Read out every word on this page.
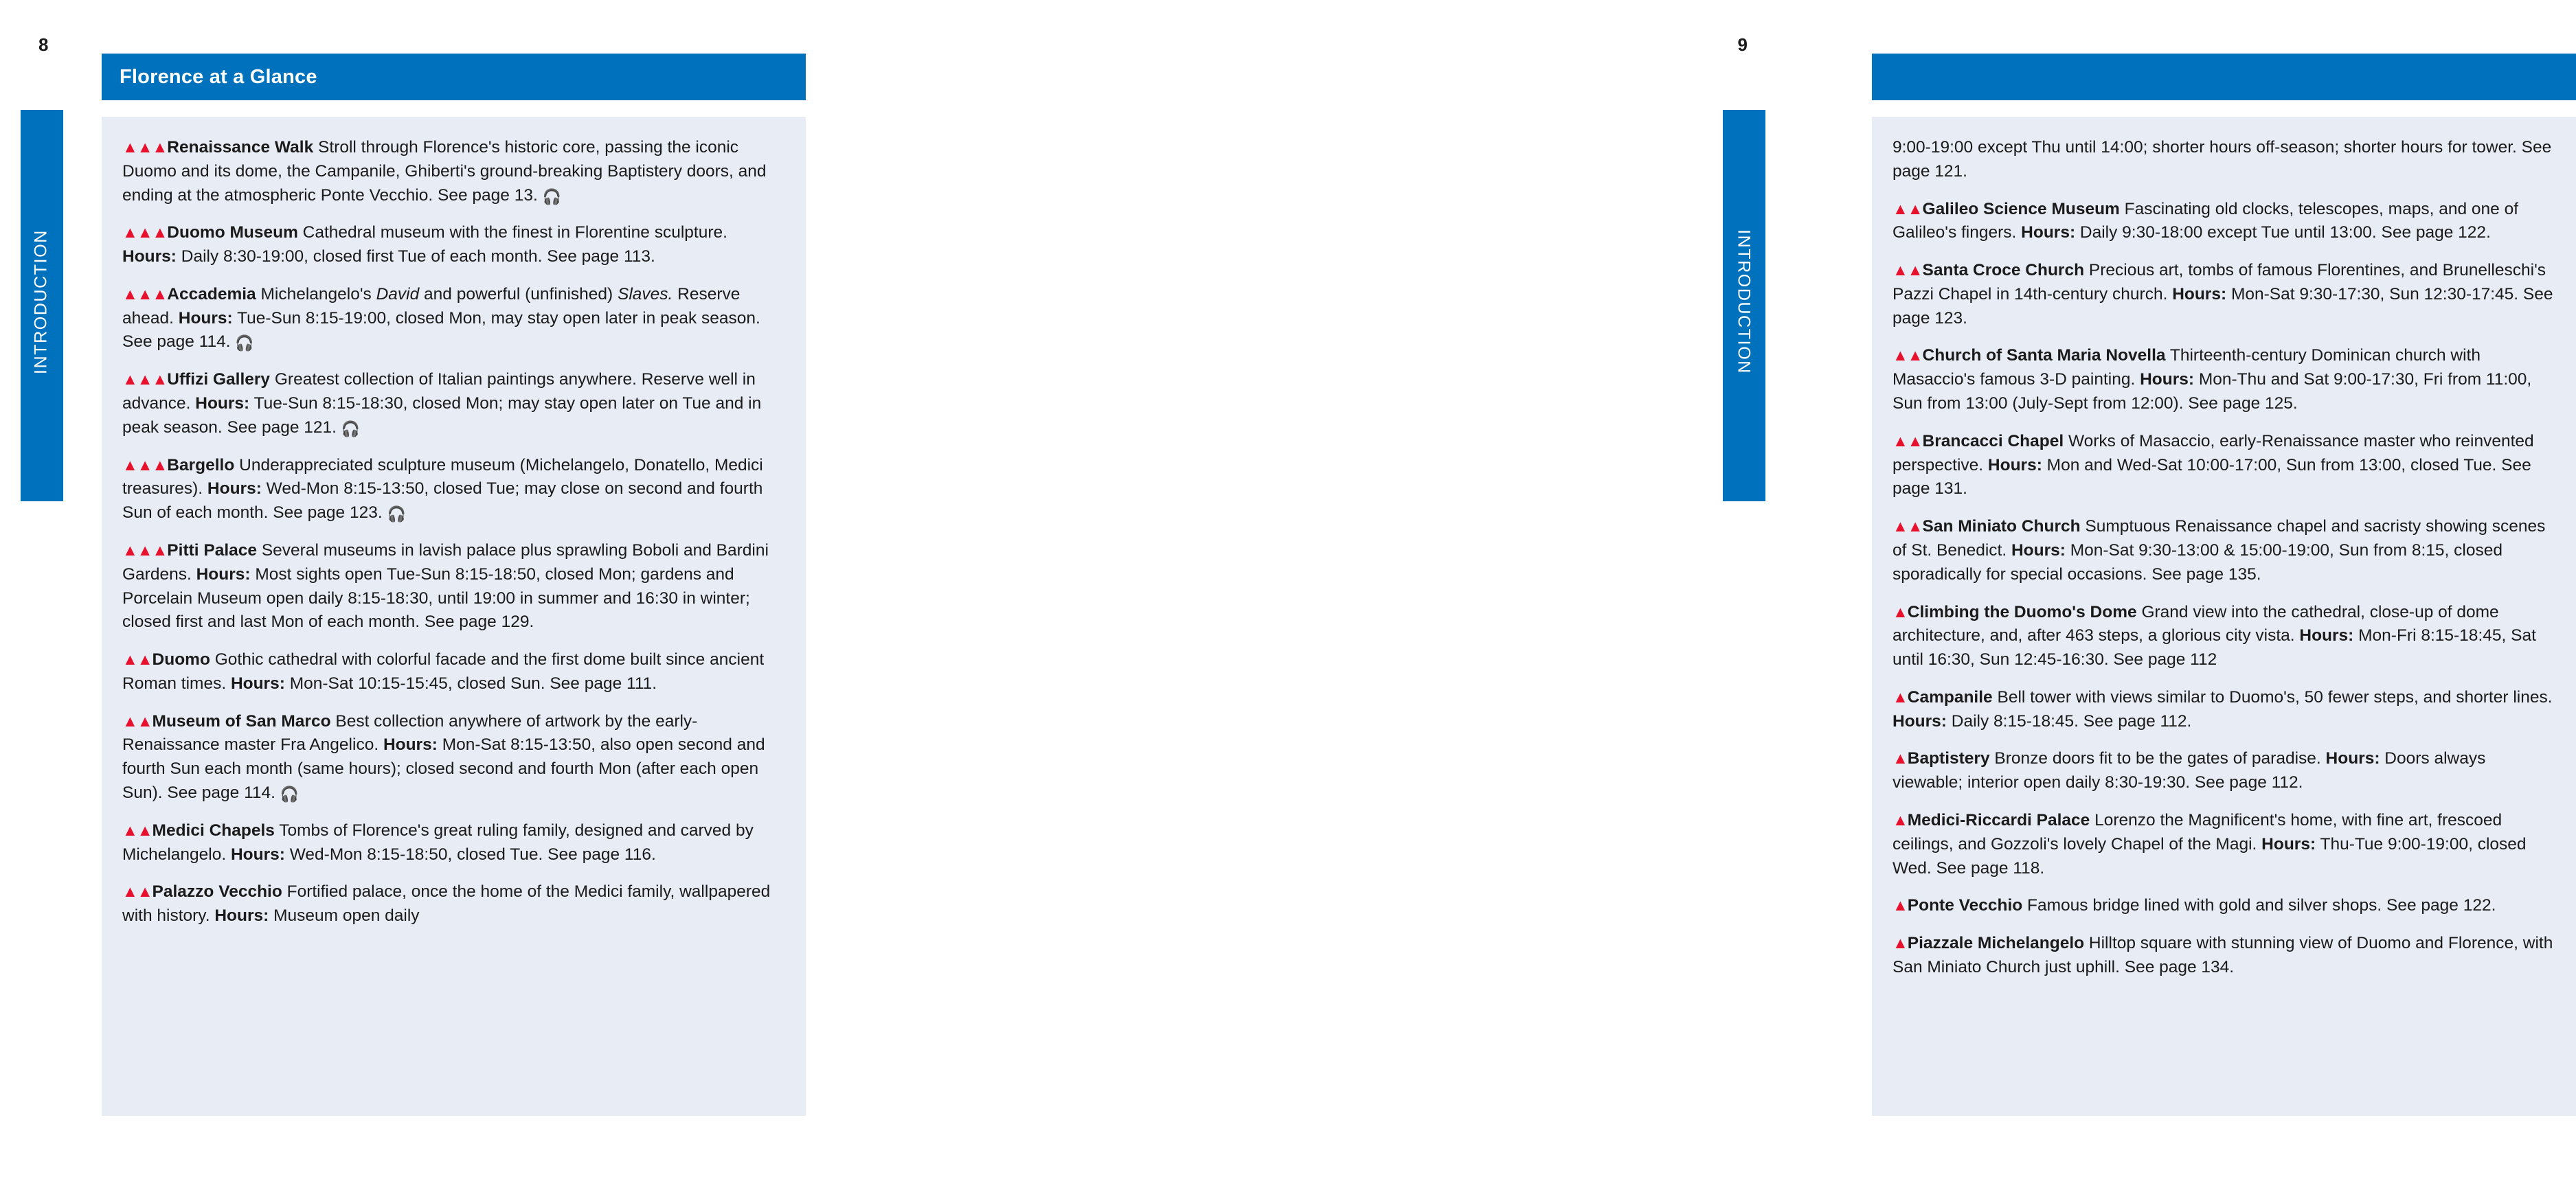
8
INTRODUCTION
Florence at a Glance
▲▲▲Renaissance Walk Stroll through Florence's historic core, passing the iconic Duomo and its dome, the Campanile, Ghiberti's ground-breaking Baptistery doors, and ending at the atmospheric Ponte Vecchio. See page 13. 🎧
▲▲▲Duomo Museum Cathedral museum with the finest in Florentine sculpture. Hours: Daily 8:30-19:00, closed first Tue of each month. See page 113.
▲▲▲Accademia Michelangelo's David and powerful (unfinished) Slaves. Reserve ahead. Hours: Tue-Sun 8:15-19:00, closed Mon, may stay open later in peak season. See page 114. 🎧
▲▲▲Uffizi Gallery Greatest collection of Italian paintings anywhere. Reserve well in advance. Hours: Tue-Sun 8:15-18:30, closed Mon; may stay open later on Tue and in peak season. See page 121. 🎧
▲▲▲Bargello Underappreciated sculpture museum (Michelangelo, Donatello, Medici treasures). Hours: Wed-Mon 8:15-13:50, closed Tue; may close on second and fourth Sun of each month. See page 123. 🎧
▲▲▲Pitti Palace Several museums in lavish palace plus sprawling Boboli and Bardini Gardens. Hours: Most sights open Tue-Sun 8:15-18:50, closed Mon; gardens and Porcelain Museum open daily 8:15-18:30, until 19:00 in summer and 16:30 in winter; closed first and last Mon of each month. See page 129.
▲▲Duomo Gothic cathedral with colorful facade and the first dome built since ancient Roman times. Hours: Mon-Sat 10:15-15:45, closed Sun. See page 111.
▲▲Museum of San Marco Best collection anywhere of artwork by the early-Renaissance master Fra Angelico. Hours: Mon-Sat 8:15-13:50, also open second and fourth Sun each month (same hours); closed second and fourth Mon (after each open Sun). See page 114. 🎧
▲▲Medici Chapels Tombs of Florence's great ruling family, designed and carved by Michelangelo. Hours: Wed-Mon 8:15-18:50, closed Tue. See page 116.
▲▲Palazzo Vecchio Fortified palace, once the home of the Medici family, wallpapered with history. Hours: Museum open daily
9
INTRODUCTION
9:00-19:00 except Thu until 14:00; shorter hours off-season; shorter hours for tower. See page 121.
▲▲Galileo Science Museum Fascinating old clocks, telescopes, maps, and one of Galileo's fingers. Hours: Daily 9:30-18:00 except Tue until 13:00. See page 122.
▲▲Santa Croce Church Precious art, tombs of famous Florentines, and Brunelleschi's Pazzi Chapel in 14th-century church. Hours: Mon-Sat 9:30-17:30, Sun 12:30-17:45. See page 123.
▲▲Church of Santa Maria Novella Thirteenth-century Dominican church with Masaccio's famous 3-D painting. Hours: Mon-Thu and Sat 9:00-17:30, Fri from 11:00, Sun from 13:00 (July-Sept from 12:00). See page 125.
▲▲Brancacci Chapel Works of Masaccio, early-Renaissance master who reinvented perspective. Hours: Mon and Wed-Sat 10:00-17:00, Sun from 13:00, closed Tue. See page 131.
▲▲San Miniato Church Sumptuous Renaissance chapel and sacristy showing scenes of St. Benedict. Hours: Mon-Sat 9:30-13:00 & 15:00-19:00, Sun from 8:15, closed sporadically for special occasions. See page 135.
▲Climbing the Duomo's Dome Grand view into the cathedral, close-up of dome architecture, and, after 463 steps, a glorious city vista. Hours: Mon-Fri 8:15-18:45, Sat until 16:30, Sun 12:45-16:30. See page 112
▲Campanile Bell tower with views similar to Duomo's, 50 fewer steps, and shorter lines. Hours: Daily 8:15-18:45. See page 112.
▲Baptistery Bronze doors fit to be the gates of paradise. Hours: Doors always viewable; interior open daily 8:30-19:30. See page 112.
▲Medici-Riccardi Palace Lorenzo the Magnificent's home, with fine art, frescoed ceilings, and Gozzoli's lovely Chapel of the Magi. Hours: Thu-Tue 9:00-19:00, closed Wed. See page 118.
▲Ponte Vecchio Famous bridge lined with gold and silver shops. See page 122.
▲Piazzale Michelangelo Hilltop square with stunning view of Duomo and Florence, with San Miniato Church just uphill. See page 134.
